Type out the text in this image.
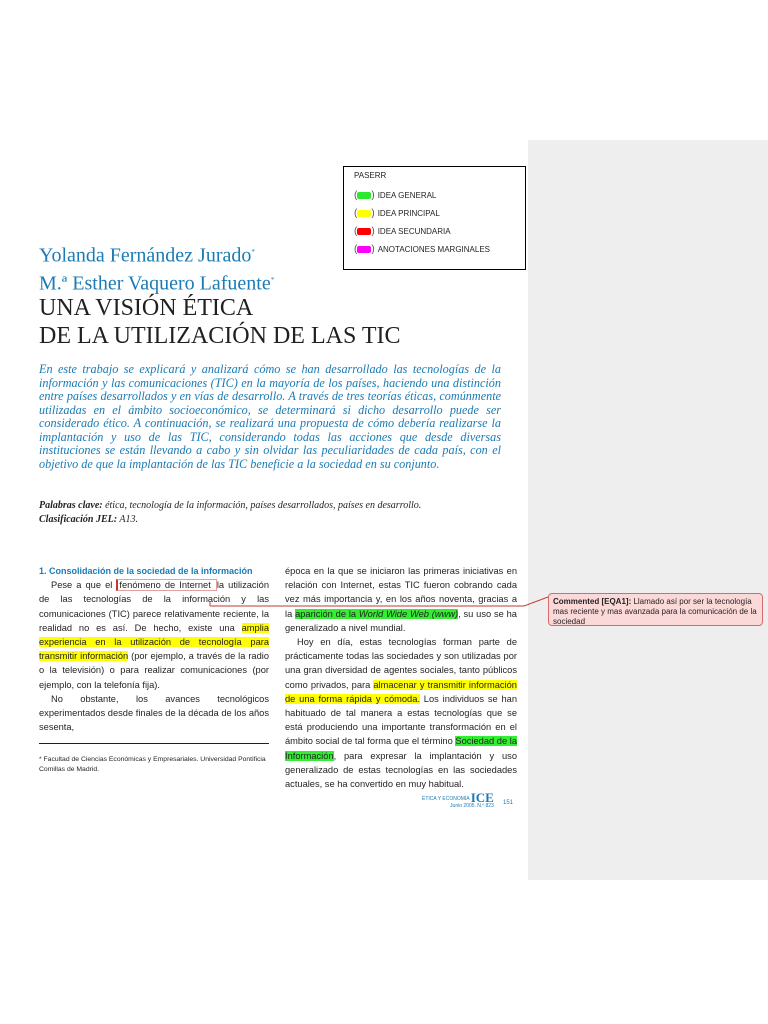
PASERR
( ) IDEA GENERAL
( ) IDEA PRINCIPAL
( ) IDEA SECUNDARIA
( ) ANOTACIONES MARGINALES
Yolanda Fernández Jurado*
M.ª Esther Vaquero Lafuente*
UNA VISIÓN ÉTICA
DE LA UTILIZACIÓN DE LAS TIC
En este trabajo se explicará y analizará cómo se han desarrollado las tecnologías de la información y las comunicaciones (TIC) en la mayoría de los países, haciendo una distinción entre países desarrollados y en vías de desarrollo. A través de tres teorías éticas, comúnmente utilizadas en el ámbito socioeconómico, se determinará si dicho desarrollo puede ser considerado ético. A continuación, se realizará una propuesta de cómo debería realizarse la implantación y uso de las TIC, considerando todas las acciones que desde diversas instituciones se están llevando a cabo y sin olvidar las peculiaridades de cada país, con el objetivo de que la implantación de las TIC beneficie a la sociedad en su conjunto.
Palabras clave: ética, tecnología de la información, países desarrollados, países en desarrollo.
Clasificación JEL: A13.

1. Consolidación de la sociedad de la información

Pese a que el fenómeno de Internet la utilización de las tecnologías de la información y las comunicaciones (TIC) parece relativamente reciente, la realidad no es así. De hecho, existe una amplia experiencia en la utilización de tecnología para transmitir información (por ejemplo, a través de la radio o la televisión) o para realizar comunicaciones (por ejemplo, con la telefonía fija).

No obstante, los avances tecnológicos experimentados desde finales de la década de los años sesenta,

época en la que se iniciaron las primeras iniciativas en relación con Internet, estas TIC fueron cobrando cada vez más importancia y, en los años noventa, gracias a la aparición de la World Wide Web (www), su uso se ha generalizado a nivel mundial.

Hoy en día, estas tecnologías forman parte de prácticamente todas las sociedades y son utilizadas por una gran diversidad de agentes sociales, tanto públicos como privados, para almacenar y transmitir información de una forma rápida y cómoda. Los individuos se han habituado de tal manera a estas tecnologías que se está produciendo una importante transformación en el ámbito social de tal forma que el término Sociedad de la Información, para expresar la implantación y uso generalizado de estas tecnologías en las sociedades actuales, se ha convertido en muy habitual.

* Facultad de Ciencias Económicas y Empresariales. Universidad Pontificia Comillas de Madrid.
ÉTICA Y ECONOMÍA ICE
Junio 2005. N.º 823 151
Commented [EQA1]: Llamado así por ser la tecnología mas reciente y mas avanzada para la comunicación de la sociedad
